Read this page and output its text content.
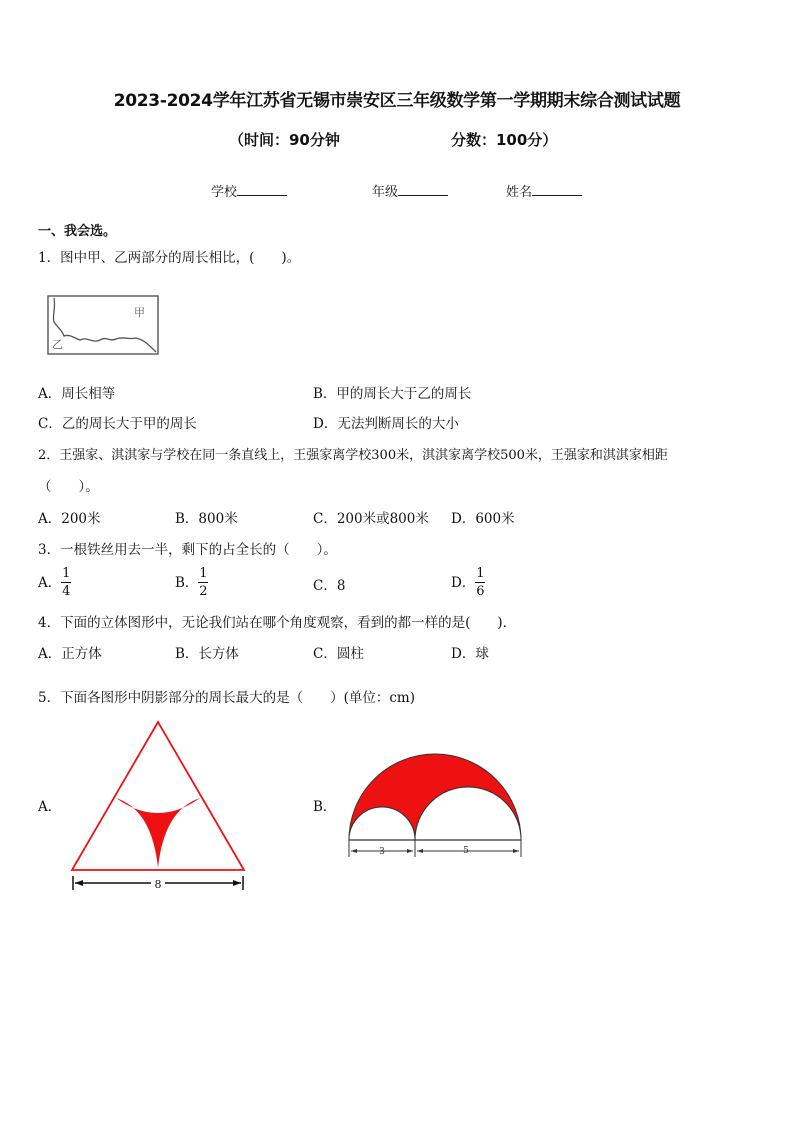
2023-2024学年江苏省无锡市崇安区三年级数学第一学期期末综合测试试题
（时间：90分钟	分数：100分）
学校	年级	姓名
一、我会选。
1．图中甲、乙两部分的周长相比，(　　)。
甲
乙
A．周长相等	B．甲的周长大于乙的周长
C．乙的周长大于甲的周长	D．无法判断周长的大小
2．王强家、淇淇家与学校在同一条直线上，王强家离学校300米，淇淇家离学校500米，王强家和淇淇家相距
（　　）。
A．200米	B．800米	C．200米或800米 D．600米
3．一根铁丝用去一半，剩下的占全长的（　　）。
A． $\frac{1}{4}$	B． $\frac{1}{2}$	C．8	D． $\frac{1}{6}$
4．下面的立体图形中，无论我们站在哪个角度观察，看到的都一样的是(　　)．
A．正方体	B．长方体	C．圆柱	D．球
5．下面各图形中阴影部分的周长最大的是（　　）(单位：cm)
A．
8
B．
3	5
